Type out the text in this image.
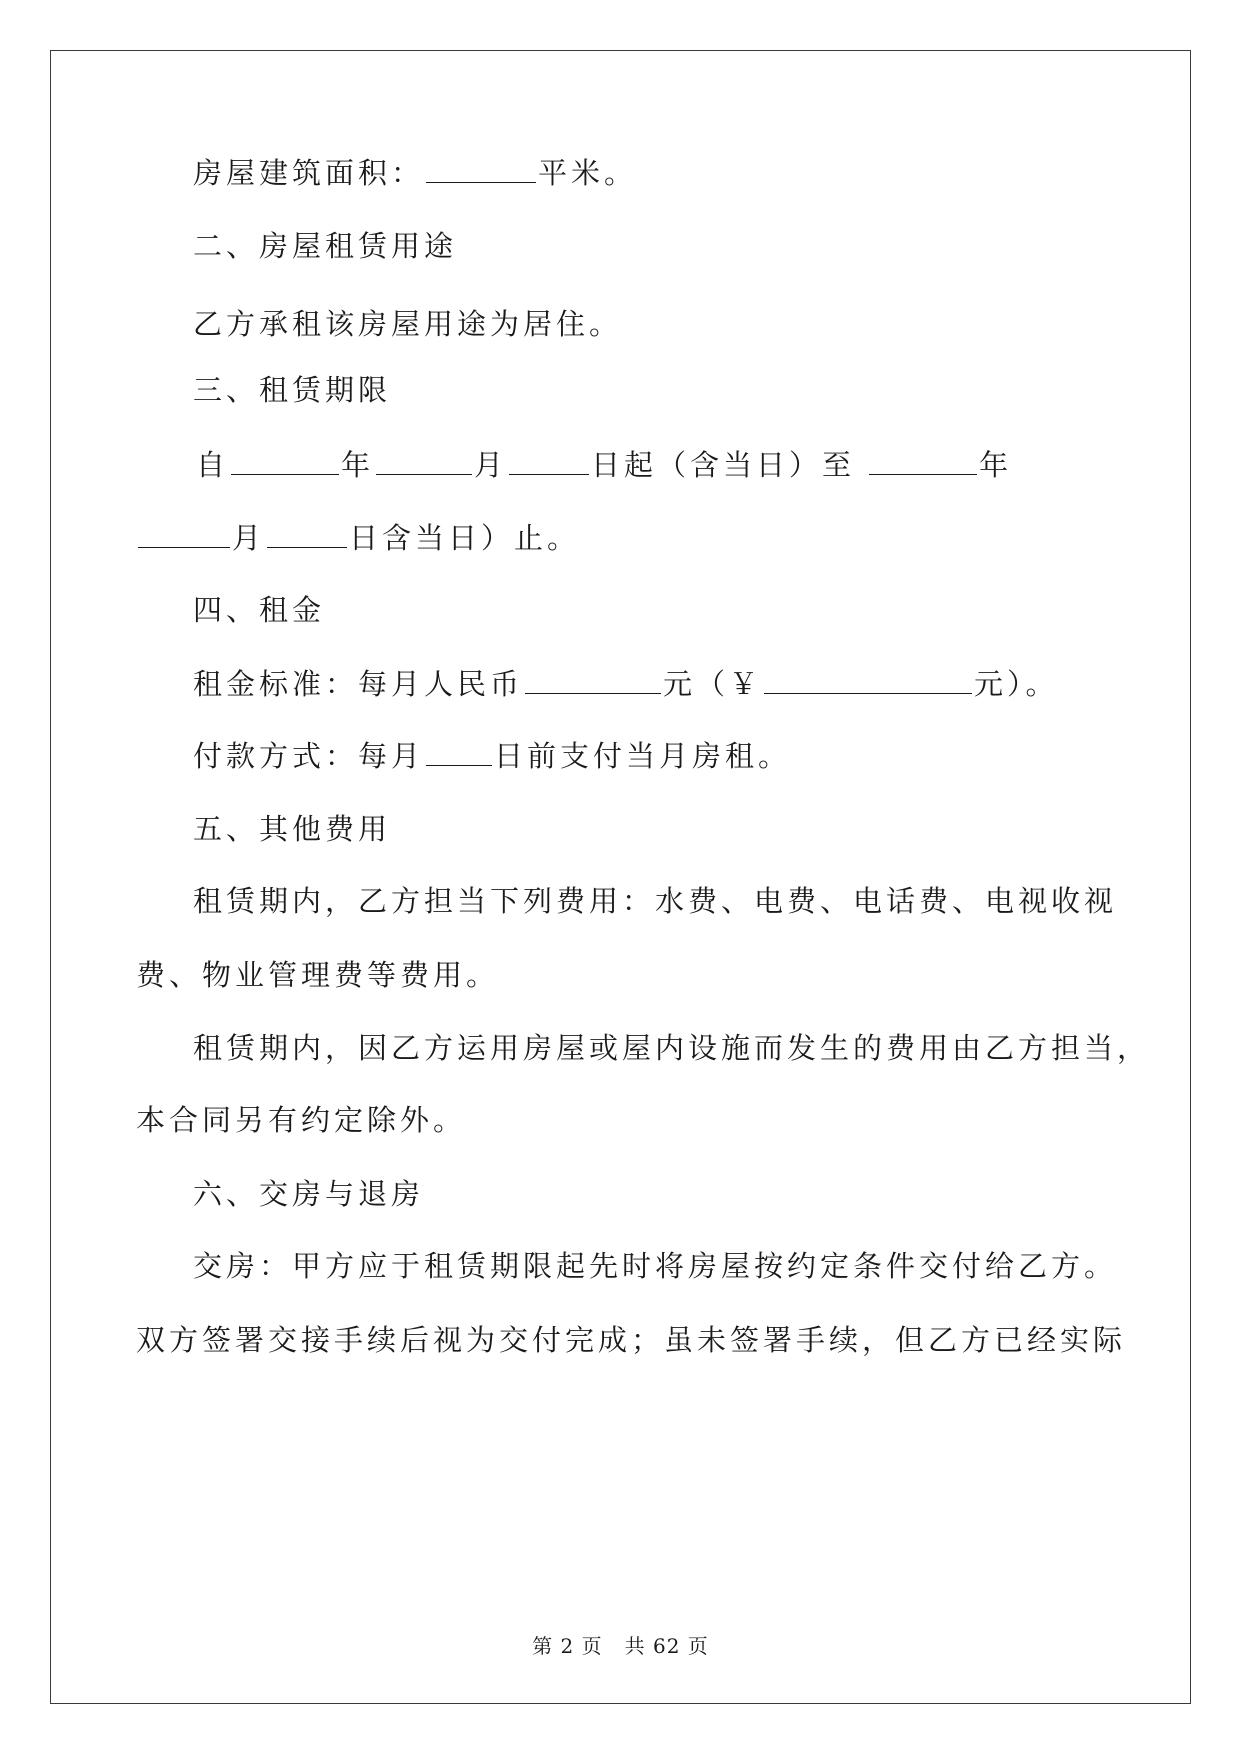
房屋建筑面积：	平米。
二、房屋租赁用途
乙方承租该房屋用途为居住。
三、租赁期限
自	年	月	日起（含当日）至	年
月	日含当日）止。
四、租金
租金标准：每月人民币	元（￥	元）。
付款方式：每月 日前支付当月房租。
五、其他费用
租赁期内，乙方担当下列费用：水费、电费、电话费、电视收视
费、物业管理费等费用。
租赁期内，因乙方运用房屋或屋内设施而发生的费用由乙方担当，
本合同另有约定除外。
六、交房与退房
交房：甲方应于租赁期限起先时将房屋按约定条件交付给乙方。
双方签署交接手续后视为交付完成；虽未签署手续，但乙方已经实际
第 2 页 共 62 页
